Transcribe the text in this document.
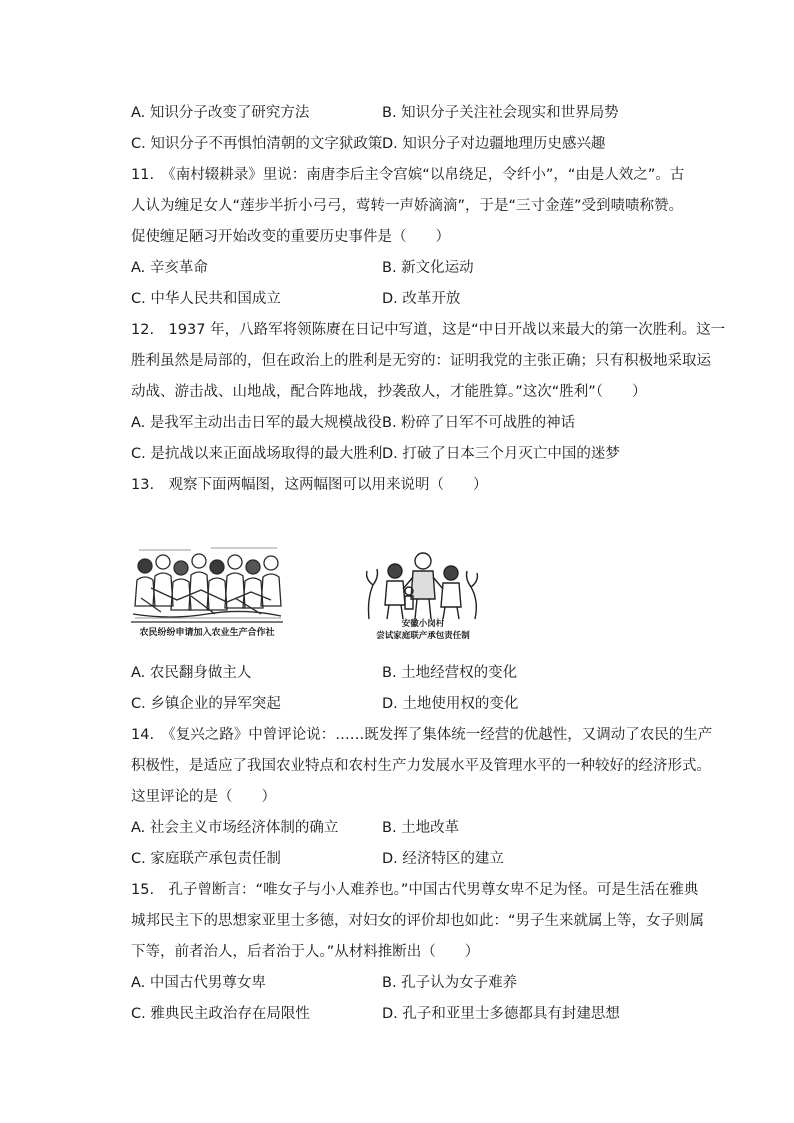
A. 知识分子改变了研究方法	B. 知识分子关注社会现实和世界局势
C. 知识分子不再惧怕清朝的文字狱政策 D. 知识分子对边疆地理历史感兴趣
11.　《南村辍耕录》里说：南唐李后主令宫嫔“以帛绕足，令纤小”，“由是人效之”。古
人认为缠足女人“莲步半折小弓弓，莺转一声娇滴滴”，于是“三寸金莲”受到啧啧称赞。
促使缠足陋习开始改变的重要历史事件是（　　）
A. 辛亥革命	B. 新文化运动
C. 中华人民共和国成立	D. 改革开放
12.　1937 年，八路军将领陈赓在日记中写道，这是“中日开战以来最大的第一次胜利。这一
胜利虽然是局部的，但在政治上的胜利是无穷的：证明我党的主张正确；只有积极地采取运
动战、游击战、山地战，配合阵地战，抄袭敌人，才能胜算。”这次“胜利”（　　）
A. 是我军主动出击日军的最大规模战役 B. 粉碎了日军不可战胜的神话
C. 是抗战以来正面战场取得的最大胜利 D. 打破了日本三个月灭亡中国的迷梦
13.　观察下面两幅图，这两幅图可以用来说明（　　）
农民纷纷申请加入农业生产合作社
安徽小岗村
尝试家庭联产承包责任制
A. 农民翻身做主人	B. 土地经营权的变化
C. 乡镇企业的异军突起	D. 土地使用权的变化
14.　《复兴之路》中曾评论说：……既发挥了集体统一经营的优越性，又调动了农民的生产
积极性，是适应了我国农业特点和农村生产力发展水平及管理水平的一种较好的经济形式。
这里评论的是（　　）
A. 社会主义市场经济体制的确立	B. 土地改革
C. 家庭联产承包责任制	D. 经济特区的建立
15.　孔子曾断言：“唯女子与小人难养也。”中国古代男尊女卑不足为怪。可是生活在雅典
城邦民主下的思想家亚里士多德，对妇女的评价却也如此：“男子生来就属上等，女子则属
下等，前者治人，后者治于人。”从材料推断出（　　）
A. 中国古代男尊女卑	B. 孔子认为女子难养
C. 雅典民主政治存在局限性	D. 孔子和亚里士多德都具有封建思想
